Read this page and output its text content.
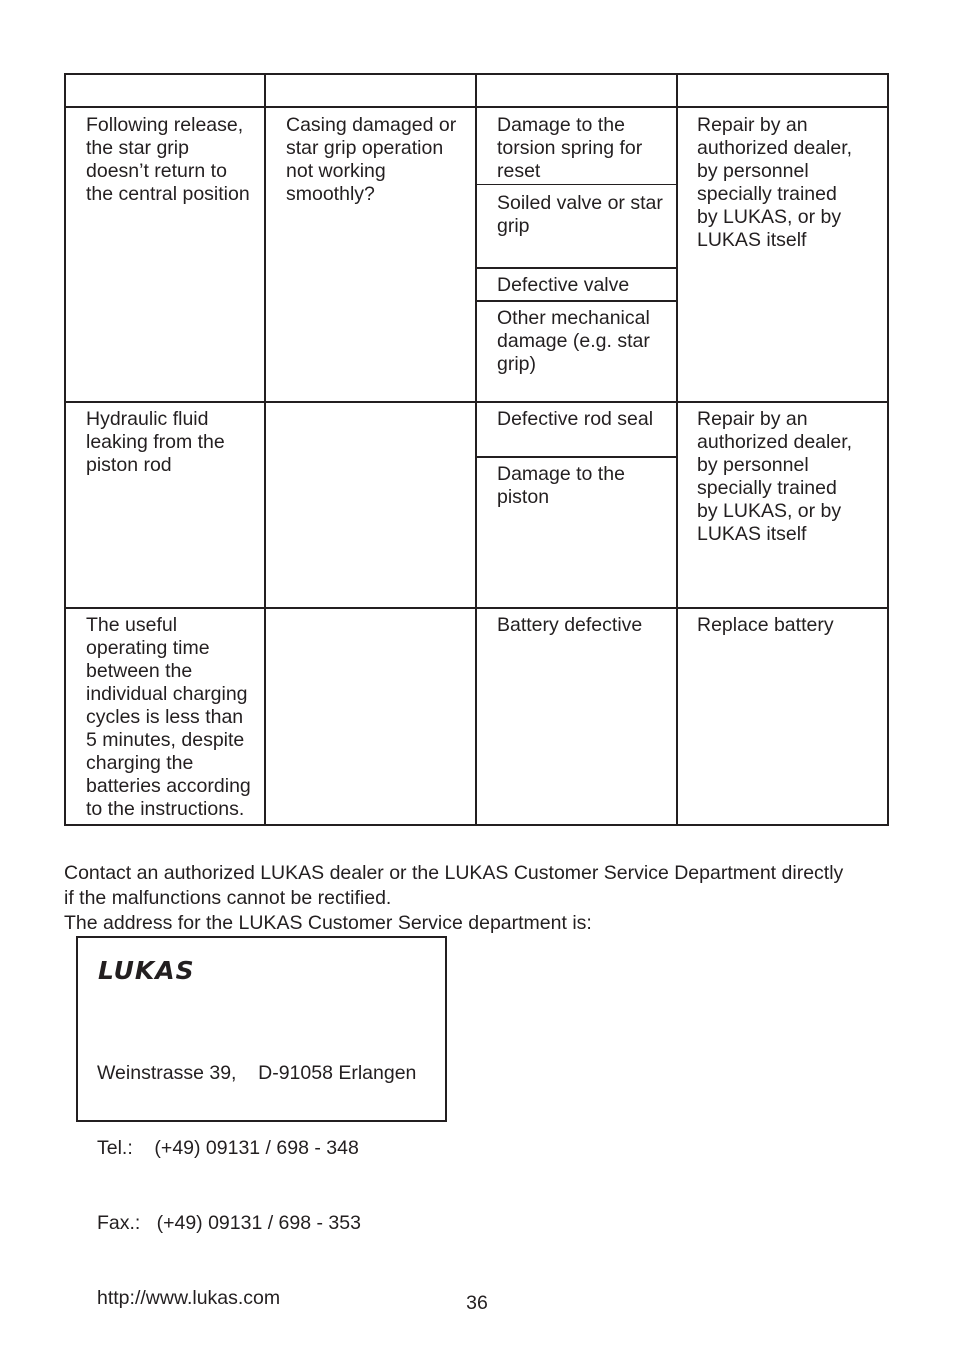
Following release,
the star grip
doesn’t return to
the central position
Casing damaged or
star grip operation
not working
smoothly?
Damage to the
torsion spring for
reset
Soiled valve or star
grip
Defective valve
Other mechanical
damage (e.g. star
grip)
Repair by an
authorized dealer,
by personnel
specially trained
by LUKAS, or by
LUKAS itself
Hydraulic fluid
leaking from the
piston rod
Defective rod seal
Damage to the
piston
Repair by an
authorized dealer,
by personnel
specially trained
by LUKAS, or by
LUKAS itself
The useful
operating time
between the
individual charging
cycles is less than
5 minutes, despite
charging the
batteries according
to the instructions.
Battery defective	Replace battery
Contact an authorized LUKAS dealer or the LUKAS Customer Service Department directly
if the malfunctions cannot be rectified.
The address for the LUKAS Customer Service department is:
LUKAS

Weinstrasse 39,    D-91058 Erlangen

Tel.:    (+49) 09131 / 698 - 348

Fax.:   (+49) 09131 / 698 - 353

http://www.lukas.com

	36
